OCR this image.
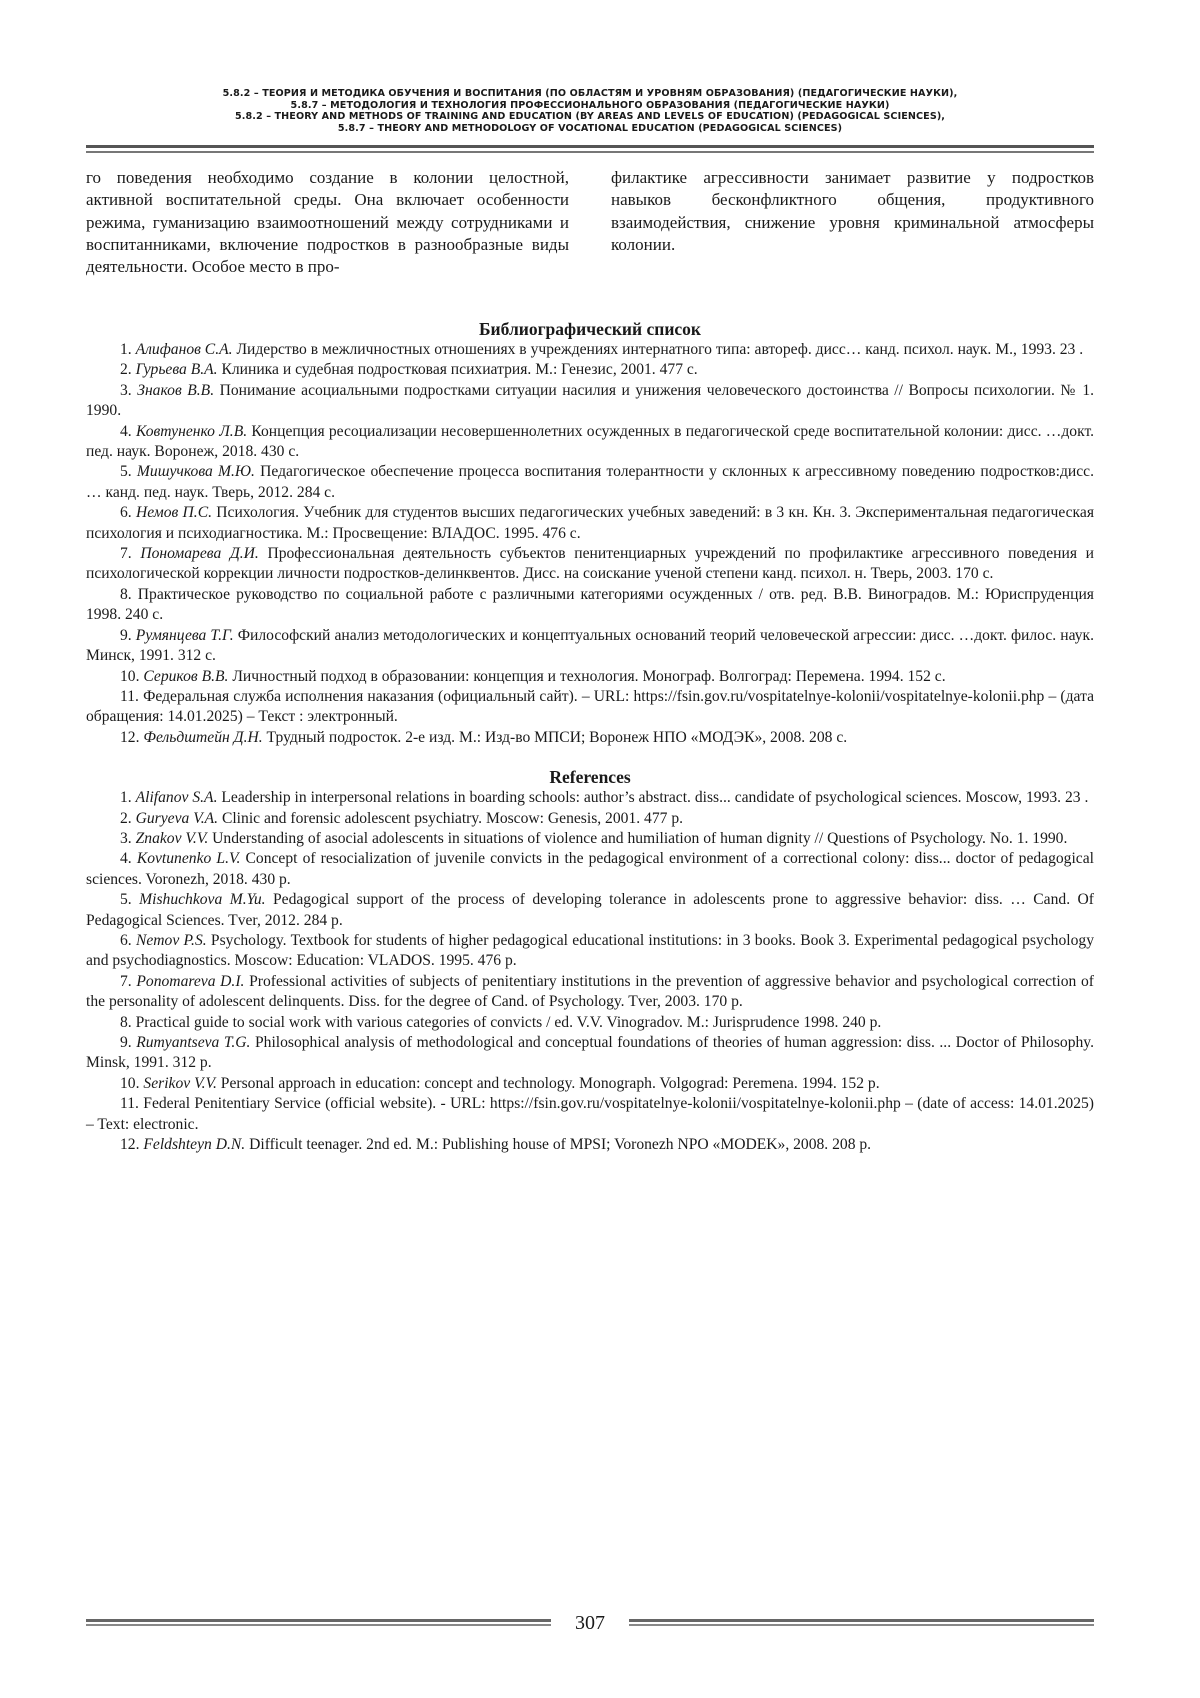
5.8.2 – ТЕОРИЯ И МЕТОДИКА ОБУЧЕНИЯ И ВОСПИТАНИЯ (ПО ОБЛАСТЯМ И УРОВНЯМ ОБРАЗОВАНИЯ) (ПЕДАГОГИЧЕСКИЕ НАУКИ),
5.8.7 – МЕТОДОЛОГИЯ И ТЕХНОЛОГИЯ ПРОФЕССИОНАЛЬНОГО ОБРАЗОВАНИЯ (ПЕДАГОГИЧЕСКИЕ НАУКИ)
5.8.2 – THEORY AND METHODS OF TRAINING AND EDUCATION (BY AREAS AND LEVELS OF EDUCATION) (PEDAGOGICAL SCIENCES),
5.8.7 – THEORY AND METHODOLOGY OF VOCATIONAL EDUCATION (PEDAGOGICAL SCIENCES)
го поведения необходимо создание в колонии целостной, активной воспитательной среды. Она включает особенности режима, гуманизацию взаимоотношений между сотрудниками и воспитанниками, включение подростков в разнообразные виды деятельности. Особое место в про-
филактике агрессивности занимает развитие у подростков навыков бесконфликтного общения, продуктивного взаимодействия, снижение уровня криминальной атмосферы колонии.

Библиографический список

1. Алифанов С.А. Лидерство в межличностных отношениях в учреждениях интернатного типа: автореф. дисс… канд. психол. наук. М., 1993. 23 .

2. Гурьева В.А. Клиника и судебная подростковая психиатрия. М.: Генезис, 2001. 477 с.

3. Знаков В.В. Понимание асоциальными подростками ситуации насилия и унижения человеческого достоинства // Вопросы психологии. № 1. 1990.

4. Ковтуненко Л.В. Концепция ресоциализации несовершеннолетних осужденных в педагогической среде воспитательной колонии: дисс. …докт. пед. наук. Воронеж, 2018. 430 с.

5. Мишучкова М.Ю. Педагогическое обеспечение процесса воспитания толерантности у склонных к агрессивному поведению подростков:дисс. … канд. пед. наук. Тверь, 2012. 284 с.

6. Немов П.С. Психология. Учебник для студентов высших педагогических учебных заведений: в 3 кн. Кн. 3. Экспериментальная педагогическая психология и психодиагностика. М.: Просвещение: ВЛАДОС. 1995. 476 с.

7. Пономарева Д.И. Профессиональная деятельность субъектов пенитенциарных учреждений по профилактике агрессивного поведения и психологической коррекции личности подростков-делинквентов. Дисс. на соискание ученой степени канд. психол. н. Тверь, 2003. 170 с.

8. Практическое руководство по социальной работе с различными категориями осужденных / отв. ред. В.В. Виноградов. М.: Юриспруденция 1998. 240 с.

9. Румянцева Т.Г. Философский анализ методологических и концептуальных оснований теорий человеческой агрессии: дисс. …докт. филос. наук. Минск, 1991. 312 с.

10. Сериков В.В. Личностный подход в образовании: концепция и технология. Монограф. Волгоград: Перемена. 1994. 152 с.

11. Федеральная служба исполнения наказания (официальный сайт). – URL: https://fsin.gov.ru/vospitatelnye-kolonii/vospitatelnye-kolonii.php – (дата обращения: 14.01.2025) – Текст : электронный.

12. Фельдштейн Д.Н. Трудный подросток. 2-е изд. М.: Изд-во МПСИ; Воронеж НПО «МОДЭК», 2008. 208 с.

References

1. Alifanov S.A. Leadership in interpersonal relations in boarding schools: author’s abstract. diss... candidate of psychological sciences. Moscow, 1993. 23 .

2. Guryeva V.A. Clinic and forensic adolescent psychiatry. Moscow: Genesis, 2001. 477 p.

3. Znakov V.V. Understanding of asocial adolescents in situations of violence and humiliation of human dignity // Questions of Psychology. No. 1. 1990.

4. Kovtunenko L.V. Concept of resocialization of juvenile convicts in the pedagogical environment of a correctional colony: diss... doctor of pedagogical sciences. Voronezh, 2018. 430 p.

5. Mishuchkova M.Yu. Pedagogical support of the process of developing tolerance in adolescents prone to aggressive behavior: diss. … Cand. Of Pedagogical Sciences. Tver, 2012. 284 p.

6. Nemov P.S. Psychology. Textbook for students of higher pedagogical educational institutions: in 3 books. Book 3. Experimental pedagogical psychology and psychodiagnostics. Moscow: Education: VLADOS. 1995. 476 p.

7. Ponomareva D.I. Professional activities of subjects of penitentiary institutions in the prevention of aggressive behavior and psychological correction of the personality of adolescent delinquents. Diss. for the degree of Cand. of Psychology. Tver, 2003. 170 p.

8. Practical guide to social work with various categories of convicts / ed. V.V. Vinogradov. M.: Jurisprudence 1998. 240 p.

9. Rumyantseva T.G. Philosophical analysis of methodological and conceptual foundations of theories of human aggression: diss. ... Doctor of Philosophy. Minsk, 1991. 312 p.

10. Serikov V.V. Personal approach in education: concept and technology. Monograph. Volgograd: Peremena. 1994. 152 p.

11. Federal Penitentiary Service (official website). - URL: https://fsin.gov.ru/vospitatelnye-kolonii/vospitatelnye-kolonii.php – (date of access: 14.01.2025) – Text: electronic.

12. Feldshteyn D.N. Difficult teenager. 2nd ed. M.: Publishing house of MPSI; Voronezh NPO «MODEK», 2008. 208 p.

307
